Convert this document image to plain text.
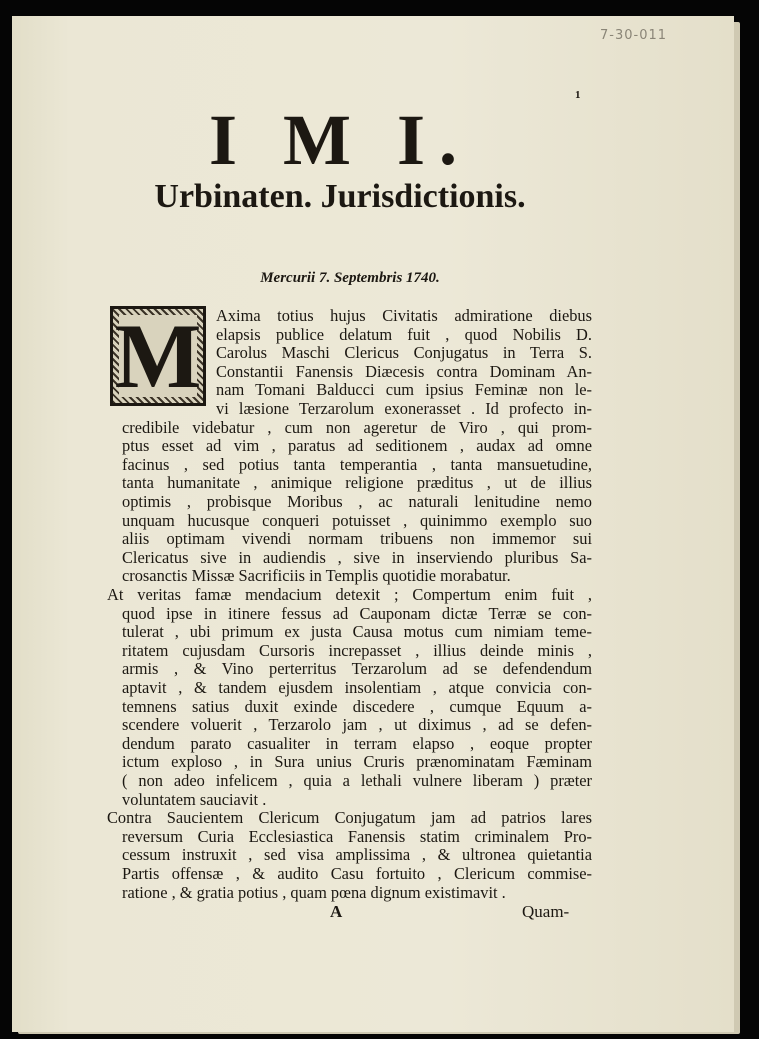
7-30-011
1
I M I.
Urbinaten. Jurisdictionis.
Mercurii 7. Septembris 1740.
M Axima totius hujus Civitatis admiratione diebus
elapsis publice delatum fuit , quod Nobilis D.
Carolus Maschi Clericus Conjugatus in Terra S.
Constantii Fanensis Diæcesis contra Dominam An-
nam Tomani Balducci cum ipsius Feminæ non le-
vi læsione Terzarolum exonerasset . Id profecto in-
credibile videbatur , cum non ageretur de Viro , qui prom-
ptus esset ad vim , paratus ad seditionem , audax ad omne
facinus , sed potius tanta temperantia , tanta mansuetudine,
tanta humanitate , animique religione præditus , ut de illius
optimis , probisque Moribus , ac naturali lenitudine nemo
unquam hucusque conqueri potuisset , quinimmo exemplo suo
aliis optimam vivendi normam tribuens non immemor sui
Clericatus sive in audiendis , sive in inserviendo pluribus Sa-
crosanctis Missæ Sacrificiis in Templis quotidie morabatur.
At veritas famæ mendacium detexit ; Compertum enim fuit ,
quod ipse in itinere fessus ad Cauponam dictæ Terræ se con-
tulerat , ubi primum ex justa Causa motus cum nimiam teme-
ritatem cujusdam Cursoris increpasset , illius deinde minis ,
armis , & Vino perterritus Terzarolum ad se defendendum
aptavit , & tandem ejusdem insolentiam , atque convicia con-
temnens satius duxit exinde discedere , cumque Equum a-
scendere voluerit , Terzarolo jam , ut diximus , ad se defen-
dendum parato casualiter in terram elapso , eoque propter
ictum exploso , in Sura unius Cruris prænominatam Fæminam
( non adeo infelicem , quia a lethali vulnere liberam ) præter
voluntatem sauciavit .
Contra Saucientem Clericum Conjugatum jam ad patrios lares
reversum Curia Ecclesiastica Fanensis statim criminalem Pro-
cessum instruxit , sed visa amplissima , & ultronea quietantia
Partis offensæ , & audito Casu fortuito , Clericum commise-
ratione , & gratia potius , quam pœna dignum existimavit .
A	Quam-
